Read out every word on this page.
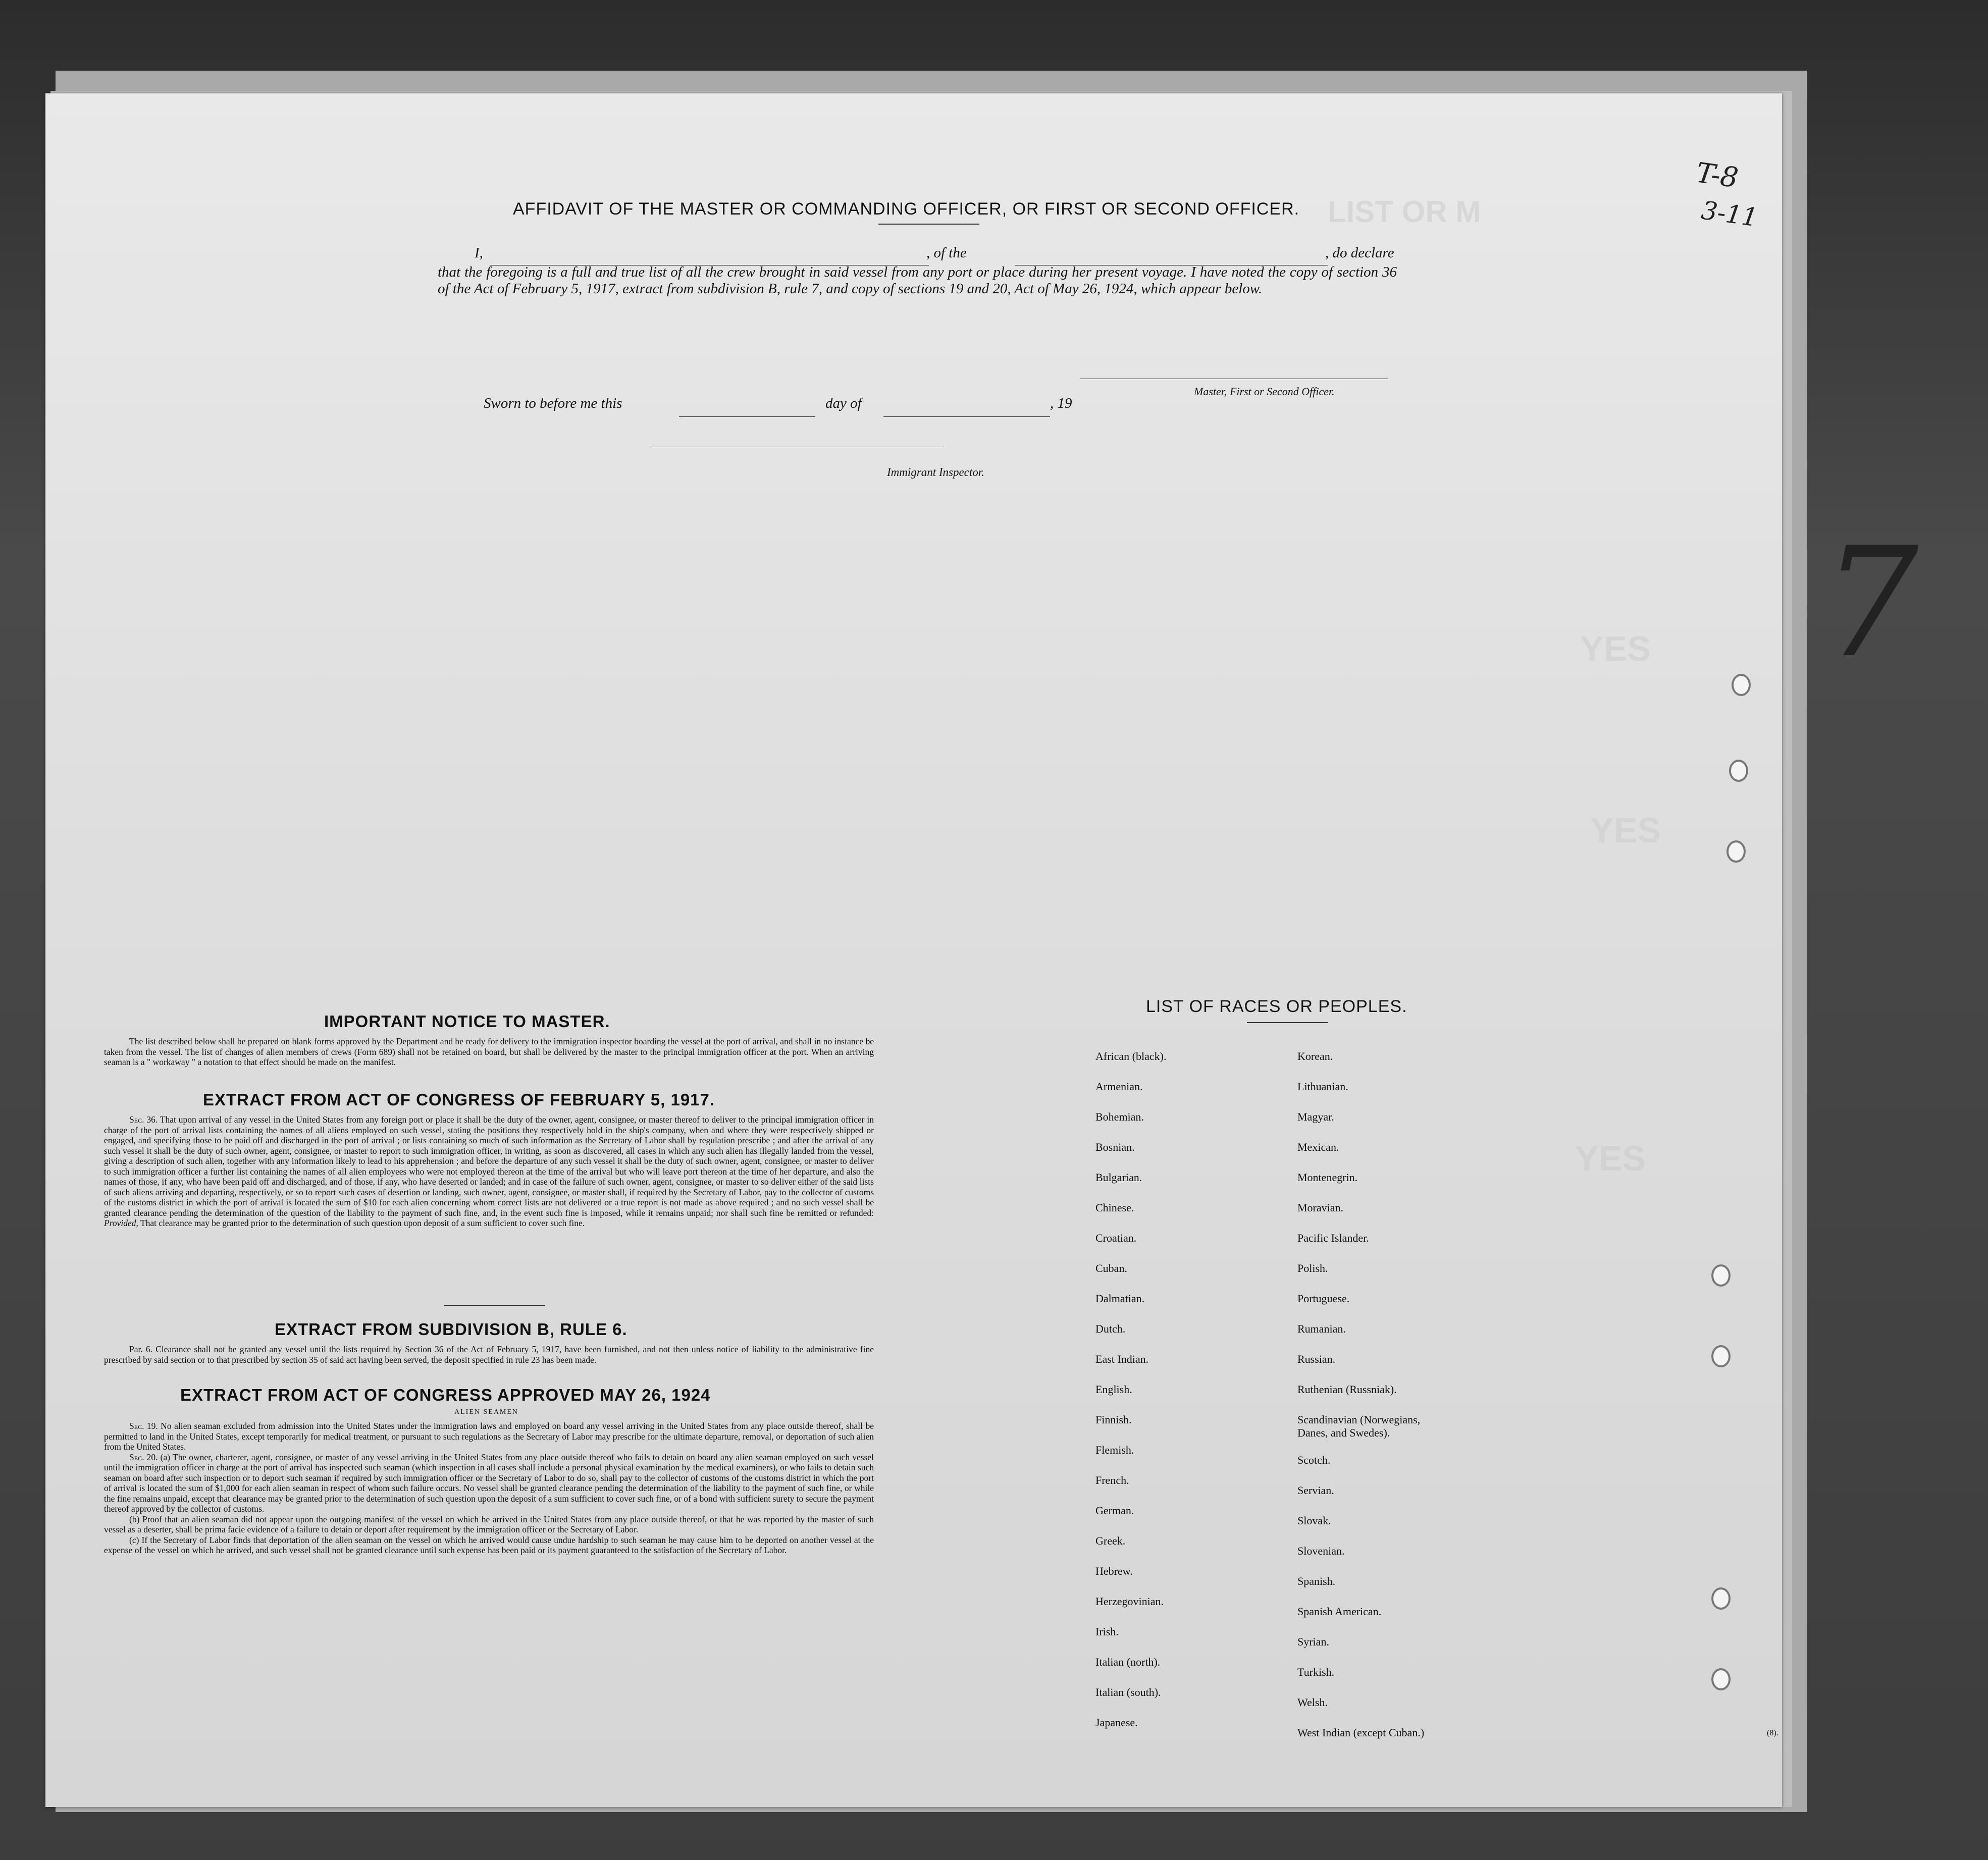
LIST OR M
YES
YES
YES
AFFIDAVIT OF THE MASTER OR COMMANDING OFFICER, OR FIRST OR SECOND OFFICER.
I,	, of the	, do declare
that the foregoing is a full and true list of all the crew brought in said vessel from any port or place during her present voyage. I have noted the copy of section 36 of the Act of February 5, 1917, extract from subdivision B, rule 7, and copy of sections 19 and 20, Act of May 26, 1924, which appear below.
Master, First or Second Officer.
Sworn to before me this	day of	, 19
Immigrant Inspector.
IMPORTANT NOTICE TO MASTER.
The list described below shall be prepared on blank forms approved by the Department and be ready for delivery to the immigration inspector boarding the vessel at the port of arrival, and shall in no instance be taken from the vessel. The list of changes of alien members of crews (Form 689) shall not be retained on board, but shall be delivered by the master to the principal immigration officer at the port. When an arriving seaman is a " workaway " a notation to that effect should be made on the manifest.
EXTRACT FROM ACT OF CONGRESS OF FEBRUARY 5, 1917.
Sec. 36. That upon arrival of any vessel in the United States from any foreign port or place it shall be the duty of the owner, agent, consignee, or master thereof to deliver to the principal immigration officer in charge of the port of arrival lists containing the names of all aliens employed on such vessel, stating the positions they respectively hold in the ship's company, when and where they were respectively shipped or engaged, and specifying those to be paid off and discharged in the port of arrival ; or lists containing so much of such information as the Secretary of Labor shall by regulation prescribe ; and after the arrival of any such vessel it shall be the duty of such owner, agent, consignee, or master to report to such immigration officer, in writing, as soon as discovered, all cases in which any such alien has illegally landed from the vessel, giving a description of such alien, together with any information likely to lead to his apprehension ; and before the departure of any such vessel it shall be the duty of such owner, agent, consignee, or master to deliver to such immigration officer a further list containing the names of all alien employees who were not employed thereon at the time of the arrival but who will leave port thereon at the time of her departure, and also the names of those, if any, who have been paid off and discharged, and of those, if any, who have deserted or landed; and in case of the failure of such owner, agent, consignee, or master to so deliver either of the said lists of such aliens arriving and departing, respectively, or so to report such cases of desertion or landing, such owner, agent, consignee, or master shall, if required by the Secretary of Labor, pay to the collector of customs of the customs district in which the port of arrival is located the sum of $10 for each alien concerning whom correct lists are not delivered or a true report is not made as above required ; and no such vessel shall be granted clearance pending the determination of the question of the liability to the payment of such fine, and, in the event such fine is imposed, while it remains unpaid; nor shall such fine be remitted or refunded: Provided, That clearance may be granted prior to the determination of such question upon deposit of a sum sufficient to cover such fine.
EXTRACT FROM SUBDIVISION B, RULE 6.
Par. 6. Clearance shall not be granted any vessel until the lists required by Section 36 of the Act of February 5, 1917, have been furnished, and not then unless notice of liability to the administrative fine prescribed by said section or to that prescribed by section 35 of said act having been served, the deposit specified in rule 23 has been made.
EXTRACT FROM ACT OF CONGRESS APPROVED MAY 26, 1924
ALIEN SEAMEN
Sec. 19. No alien seaman excluded from admission into the United States under the immigration laws and employed on board any vessel arriving in the United States from any place outside thereof, shall be permitted to land in the United States, except temporarily for medical treatment, or pursuant to such regulations as the Secretary of Labor may prescribe for the ultimate departure, removal, or deportation of such alien from the United States.
Sec. 20. (a) The owner, charterer, agent, consignee, or master of any vessel arriving in the United States from any place outside thereof who fails to detain on board any alien seaman employed on such vessel until the immigration officer in charge at the port of arrival has inspected such seaman (which inspection in all cases shall include a personal physical examination by the medical examiners), or who fails to detain such seaman on board after such inspection or to deport such seaman if required by such immigration officer or the Secretary of Labor to do so, shall pay to the collector of customs of the customs district in which the port of arrival is located the sum of $1,000 for each alien seaman in respect of whom such failure occurs. No vessel shall be granted clearance pending the determination of the liability to the payment of such fine, or while the fine remains unpaid, except that clearance may be granted prior to the determination of such question upon the deposit of a sum sufficient to cover such fine, or of a bond with sufficient surety to secure the payment thereof approved by the collector of customs.
(b) Proof that an alien seaman did not appear upon the outgoing manifest of the vessel on which he arrived in the United States from any place outside thereof, or that he was reported by the master of such vessel as a deserter, shall be prima facie evidence of a failure to detain or deport after requirement by the immigration officer or the Secretary of Labor.
(c) If the Secretary of Labor finds that deportation of the alien seaman on the vessel on which he arrived would cause undue hardship to such seaman he may cause him to be deported on another vessel at the expense of the vessel on which he arrived, and such vessel shall not be granted clearance until such expense has been paid or its payment guaranteed to the satisfaction of the Secretary of Labor.
LIST OF RACES OR PEOPLES.
T-8
3-11
7
(8).
African (black).
Armenian.
Bohemian.
Bosnian.
Bulgarian.
Chinese.
Croatian.
Cuban.
Dalmatian.
Dutch.
East Indian.
English.
Finnish.
Flemish.
French.
German.
Greek.
Hebrew.
Herzegovinian.
Irish.
Italian (north).
Italian (south).
Japanese.
Korean.
Lithuanian.
Magyar.
Mexican.
Montenegrin.
Moravian.
Pacific Islander.
Polish.
Portuguese.
Rumanian.
Russian.
Ruthenian (Russniak).
Scandinavian (Norwegians, Danes, and Swedes).
Scotch.
Servian.
Slovak.
Slovenian.
Spanish.
Spanish American.
Syrian.
Turkish.
Welsh.
West Indian (except Cuban.)
